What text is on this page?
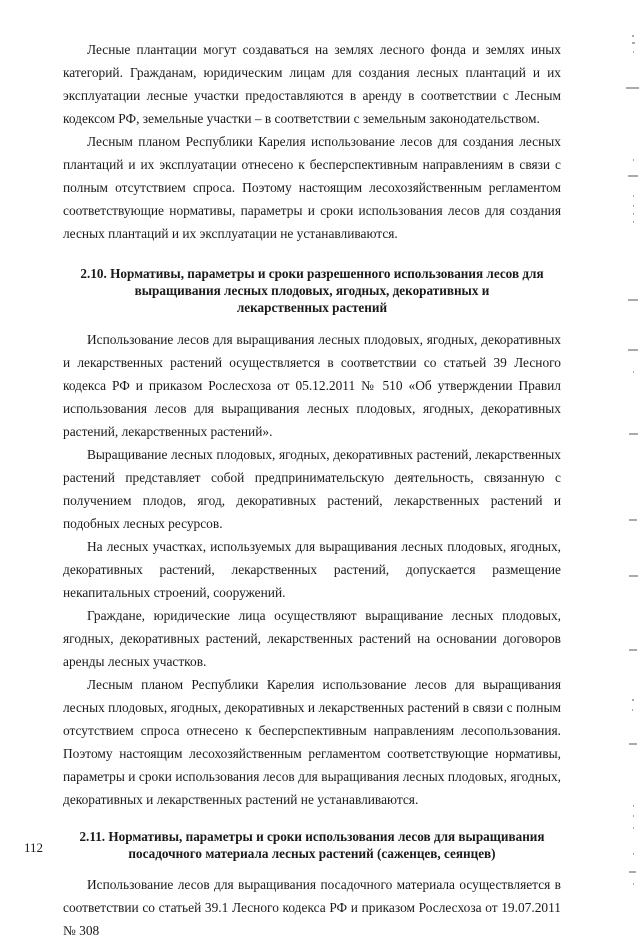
Лесные плантации могут создаваться на землях лесного фонда и землях иных категорий. Гражданам, юридическим лицам для создания лесных плантаций и их эксплуатации лесные участки предоставляются в аренду в соответствии с Лесным кодексом РФ, земельные участки – в соответствии с земельным законодательством.

Лесным планом Республики Карелия использование лесов для создания лесных плантаций и их эксплуатации отнесено к бесперспективным направлениям в связи с полным отсутствием спроса. Поэтому настоящим лесохозяйственным регламентом соответствующие нормативы, параметры и сроки использования лесов для создания лесных плантаций и их эксплуатации не устанавливаются.

2.10. Нормативы, параметры и сроки разрешенного использования лесов для
выращивания лесных плодовых, ягодных, декоративных и
лекарственных растений

Использование лесов для выращивания лесных плодовых, ягодных, декоративных и лекарственных растений осуществляется в соответствии со статьей 39 Лесного кодекса РФ и приказом Рослесхоза от 05.12.2011 № 510 «Об утверждении Правил использования лесов для выращивания лесных плодовых, ягодных, декоративных растений, лекарственных растений».

Выращивание лесных плодовых, ягодных, декоративных растений, лекарственных растений представляет собой предпринимательскую деятельность, связанную с получением плодов, ягод, декоративных растений, лекарственных растений и подобных лесных ресурсов.

На лесных участках, используемых для выращивания лесных плодовых, ягодных, декоративных растений, лекарственных растений, допускается размещение некапитальных строений, сооружений.

Граждане, юридические лица осуществляют выращивание лесных плодовых, ягодных, декоративных растений, лекарственных растений на основании договоров аренды лесных участков.

Лесным планом Республики Карелия использование лесов для выращивания лесных плодовых, ягодных, декоративных и лекарственных растений в связи с полным отсутствием спроса отнесено к бесперспективным направлениям лесопользования. Поэтому настоящим лесохозяйственным регламентом соответствующие нормативы, параметры и сроки использования лесов для выращивания лесных плодовых, ягодных, декоративных и лекарственных растений не устанавливаются.

2.11. Нормативы, параметры и сроки использования лесов для выращивания
посадочного материала лесных растений (саженцев, сеянцев)

Использование лесов для выращивания посадочного материала осуществляется в соответствии со статьей 39.1 Лесного кодекса РФ и приказом Рослесхоза от 19.07.2011 № 308

112
